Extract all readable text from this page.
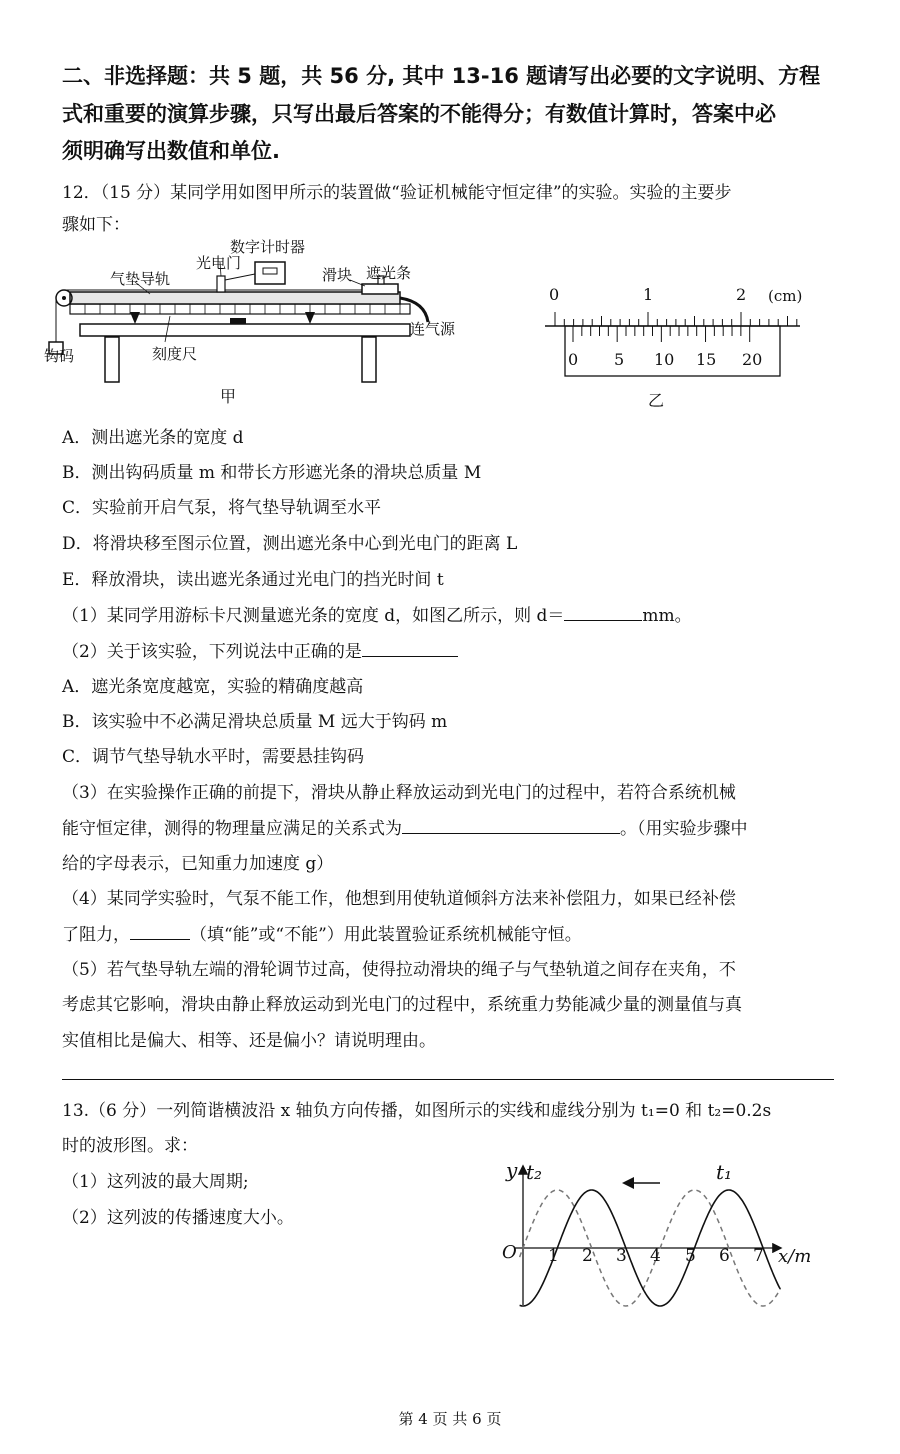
二、非选择题：共 5 题，共 56 分, 其中 13-16 题请写出必要的文字说明、方程
式和重要的演算步骤，只写出最后答案的不能得分；有数值计算时，答案中必
须明确写出数值和单位.
12．（15 分）某同学用如图甲所示的装置做“验证机械能守恒定律”的实验。实验的主要步
骤如下：
数字计时器
光电门
气垫导轨	滑块 遮光条
连气源
钩码	刻度尺
甲
0	1	2 (cm)
0 5 10 15 20
乙
A．测出遮光条的宽度 d
B．测出钩码质量 m 和带长方形遮光条的滑块总质量 M
C．实验前开启气泵，将气垫导轨调至水平
D．将滑块移至图示位置，测出遮光条中心到光电门的距离 L
E．释放滑块，读出遮光条通过光电门的挡光时间 t
（1）某同学用游标卡尺测量遮光条的宽度 d，如图乙所示，则 d＝	mm。
（2）关于该实验，下列说法中正确的是
A．遮光条宽度越宽，实验的精确度越高
B．该实验中不必满足滑块总质量 M 远大于钩码 m
C．调节气垫导轨水平时，需要悬挂钩码
（3）在实验操作正确的前提下，滑块从静止释放运动到光电门的过程中，若符合系统机械
能守恒定律，测得的物理量应满足的关系式为	。（用实验步骤中
给的字母表示，已知重力加速度 g）
（4）某同学实验时，气泵不能工作，他想到用使轨道倾斜方法来补偿阻力，如果已经补偿
了阻力，	（填“能”或“不能”）用此装置验证系统机械能守恒。
（5）若气垫导轨左端的滑轮调节过高，使得拉动滑块的绳子与气垫轨道之间存在夹角，不
考虑其它影响，滑块由静止释放运动到光电门的过程中，系统重力势能减少量的测量值与真
实值相比是偏大、相等、还是偏小？请说明理由。
13.（6 分）一列简谐横波沿 x 轴负方向传播，如图所示的实线和虚线分别为 t₁=0 和 t₂=0.2s
时的波形图。求：
（1）这列波的最大周期;
（2）这列波的传播速度大小。
y t₂	t₁
O 1 2 3 4 5 6 7 x/m
第 4 页 共 6 页
